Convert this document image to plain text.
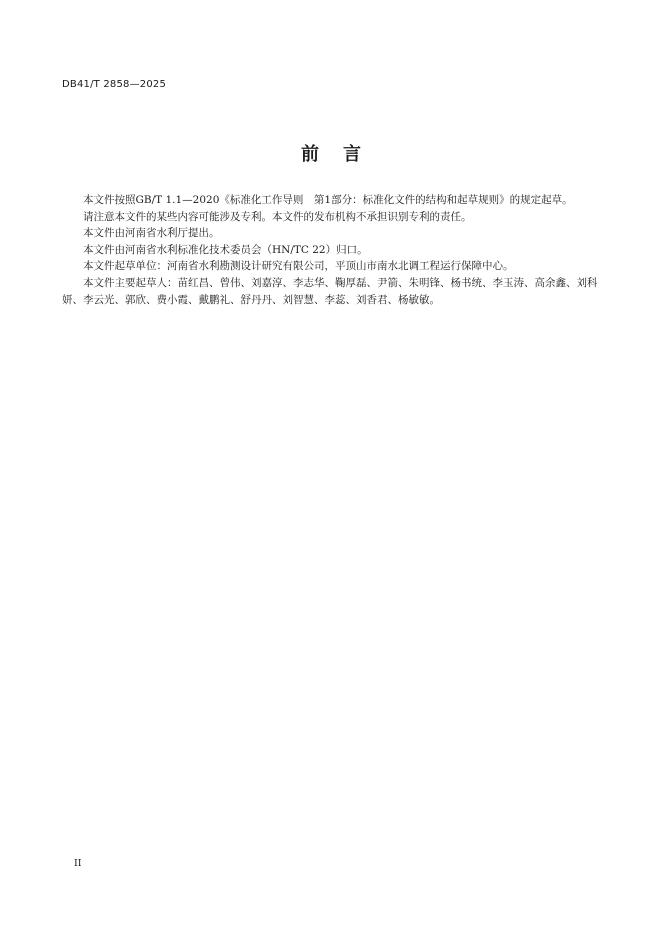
DB41/T 2858—2025
前言

本文件按照GB/T 1.1—2020《标准化工作导则　第1部分：标准化文件的结构和起草规则》的规定起草。

请注意本文件的某些内容可能涉及专利。本文件的发布机构不承担识别专利的责任。

本文件由河南省水利厅提出。

本文件由河南省水利标准化技术委员会（HN/TC 22）归口。

本文件起草单位：河南省水利勘测设计研究有限公司，平顶山市南水北调工程运行保障中心。

本文件主要起草人：苗红昌、曾伟、刘嘉淳、李志华、鞠厚磊、尹箭、朱明锋、杨书统、李玉涛、高余鑫、刘科妍、李云光、郭欣、费小霞、戴鹏礼、舒丹丹、刘智慧、李蕊、刘香君、杨敏敏。

II
